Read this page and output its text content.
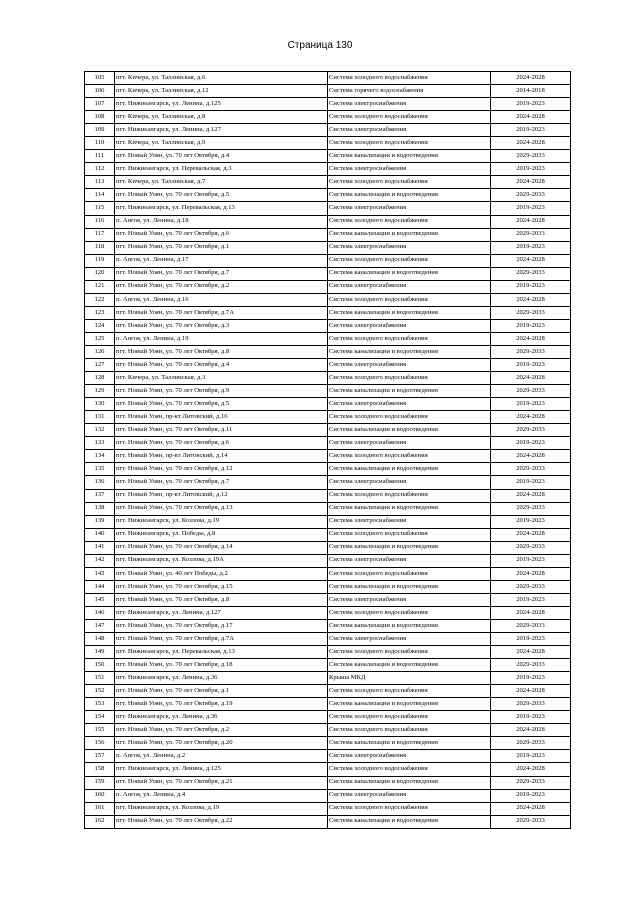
Страница 130
105	пгт. Кичера, ул. Таллинская, д.6	Система холодного водоснабжения	2024-2028
106	пгт. Кичера, ул. Таллинская, д.12	Система горячего водоснабжения	2014-2018
107	пгт. Нижнеангарск, ул. Ленина, д.125	Система электроснабжения	2019-2023
108	пгт. Кичера, ул. Таллинская, д.8	Система холодного водоснабжения	2024-2028
109	пгт. Нижнеангарск, ул. Ленина, д.127	Система электроснабжения	2019-2023
110	пгт. Кичера, ул. Таллинская, д.9	Система холодного водоснабжения	2024-2028
111	пгт. Новый Уоян, ул. 70 лет Октября, д.4	Система канализации и водоотведения	2029-2033
112	пгт. Нижнеангарск, ул. Перевальская, д.3	Система электроснабжения	2019-2023
113	пгт. Кичера, ул. Таллинская, д.7	Система холодного водоснабжения	2024-2028
114	пгт. Новый Уоян, ул. 70 лет Октября, д.5	Система канализации и водоотведения	2029-2033
115	пгт. Нижнеангарск, ул. Перевальская, д.13	Система электроснабжения	2019-2023
116	п. Ангоя, ул. Ленина, д.18	Система холодного водоснабжения	2024-2028
117	пгт. Новый Уоян, ул. 70 лет Октября, д.6	Система канализации и водоотведения	2029-2033
118	пгт. Новый Уоян, ул. 70 лет Октября, д.1	Система электроснабжения	2019-2023
119	п. Ангоя, ул. Ленина, д.17	Система холодного водоснабжения	2024-2028
120	пгт. Новый Уоян, ул. 70 лет Октября, д.7	Система канализации и водоотведения	2029-2033
121	пгт. Новый Уоян, ул. 70 лет Октября, д.2	Система электроснабжения	2019-2023
122	п. Ангоя, ул. Ленина, д.16	Система холодного водоснабжения	2024-2028
123	пгт. Новый Уоян, ул. 70 лет Октября, д.7А	Система канализации и водоотведения	2029-2033
124	пгт. Новый Уоян, ул. 70 лет Октября, д.3	Система электроснабжения	2019-2023
125	п. Ангоя, ул. Ленина, д.19	Система холодного водоснабжения	2024-2028
126	пгт. Новый Уоян, ул. 70 лет Октября, д.8	Система канализации и водоотведения	2029-2033
127	пгт. Новый Уоян, ул. 70 лет Октября, д.4	Система электроснабжения	2019-2023
128	пгт. Кичера, ул. Таллинская, д.3	Система холодного водоснабжения	2024-2028
129	пгт. Новый Уоян, ул. 70 лет Октября, д.9	Система канализации и водоотведения	2029-2033
130	пгт. Новый Уоян, ул. 70 лет Октября, д.5	Система электроснабжения	2019-2023
131	пгт. Новый Уоян, пр-кт Литовский, д.16	Система холодного водоснабжения	2024-2028
132	пгт. Новый Уоян, ул. 70 лет Октября, д.11	Система канализации и водоотведения	2029-2033
133	пгт. Новый Уоян, ул. 70 лет Октября, д.6	Система электроснабжения	2019-2023
134	пгт. Новый Уоян, пр-кт Литовский, д.14	Система холодного водоснабжения	2024-2028
135	пгт. Новый Уоян, ул. 70 лет Октября, д.12	Система канализации и водоотведения	2029-2033
136	пгт. Новый Уоян, ул. 70 лет Октября, д.7	Система электроснабжения	2019-2023
137	пгт. Новый Уоян, пр-кт Литовский, д.12	Система холодного водоснабжения	2024-2028
138	пгт. Новый Уоян, ул. 70 лет Октября, д.13	Система канализации и водоотведения	2029-2033
139	пгт. Нижнеангарск, ул. Козлова, д.19	Система электроснабжения	2019-2023
140	пгт. Нижнеангарск, ул. Победы, д.8	Система холодного водоснабжения	2024-2028
141	пгт. Новый Уоян, ул. 70 лет Октября, д.14	Система канализации и водоотведения	2029-2033
142	пгт. Нижнеангарск, ул. Козлова, д.19А	Система электроснабжения	2019-2023
143	пгт. Новый Уоян, ул. 40 лет Победы, д.2	Система холодного водоснабжения	2024-2028
144	пгт. Новый Уоян, ул. 70 лет Октября, д.15	Система канализации и водоотведения	2029-2033
145	пгт. Новый Уоян, ул. 70 лет Октября, д.8	Система электроснабжения	2019-2023
146	пгт. Нижнеангарск, ул. Ленина, д.127	Система холодного водоснабжения	2024-2028
147	пгт. Новый Уоян, ул. 70 лет Октября, д.17	Система канализации и водоотведения	2029-2033
148	пгт. Новый Уоян, ул. 70 лет Октября, д.7А	Система электроснабжения	2019-2023
149	пгт. Нижнеангарск, ул. Перевальская, д.13	Система холодного водоснабжения	2024-2028
150	пгт. Новый Уоян, ул. 70 лет Октября, д.18	Система канализации и водоотведения	2029-2033
151	пгт. Нижнеангарск, ул. Ленина, д.36	Крыша МКД	2019-2023
152	пгт. Новый Уоян, ул. 70 лет Октября, д.1	Система холодного водоснабжения	2024-2028
153	пгт. Новый Уоян, ул. 70 лет Октября, д.19	Система канализации и водоотведения	2029-2033
154	пгт. Нижнеангарск, ул. Ленина, д.36	Система холодного водоснабжения	2019-2023
155	пгт. Новый Уоян, ул. 70 лет Октября, д.2	Система холодного водоснабжения	2024-2028
156	пгт. Новый Уоян, ул. 70 лет Октября, д.20	Система канализации и водоотведения	2029-2033
157	п. Ангоя, ул. Ленина, д.2	Система электроснабжения	2019-2023
158	пгт. Нижнеангарск, ул. Ленина, д.125	Система холодного водоснабжения	2024-2028
159	пгт. Новый Уоян, ул. 70 лет Октября, д.21	Система канализации и водоотведения	2029-2033
160	п. Ангоя, ул. Ленина, д.4	Система электроснабжения	2019-2023
161	пгт. Нижнеангарск, ул. Козлова, д.19	Система холодного водоснабжения	2024-2028
162	пгт. Новый Уоян, ул. 70 лет Октября, д.22	Система канализации и водоотведения	2029-2033
